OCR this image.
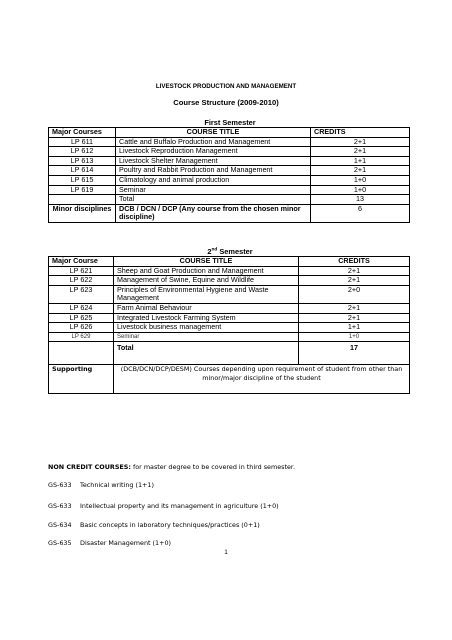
LIVESTOCK PRODUCTION AND MANAGEMENT
Course Structure (2009-2010)
First Semester
Major Courses	COURSE TITLE	CREDITS
LP 611	Cattle and Buffalo Production and Management	2+1
LP 612	Livestock Reproduction Management	2+1
LP 613	Livestock Shelter Management	1+1
LP 614	Poultry and Rabbit Production and Management	2+1
LP 615	Climatology and animal production	1+0
LP 619	Seminar	1+0
	Total	13
Minor disciplines	DCB / DCN / DCP (Any course from the chosen minor discipline)	6
2nd Semester
Major Course	COURSE TITLE	CREDITS
LP 621	Sheep and Goat Production and Management	2+1
LP 622	Management of Swine, Equine and Wildlife	2+1
LP 623	Principles of Environmental Hygiene and Waste Management	2+0
LP 624	Farm Animal Behaviour	2+1
LP 625	Integrated Livestock Farming System	2+1
LP 626	Livestock business management	1+1
LP 629	Seminar	1+0
	Total	17
Supporting	(DCB/DCN/DCP/DESM) Courses depending upon requirement of student from other than minor/major discipline of the student	
NON CREDIT COURSES: for master degree to be covered in third semester.
GS-633 Technical writing (1+1)
GS-633 Intellectual property and its management in agriculture (1+0)
GS-634 Basic concepts in laboratory techniques/practices (0+1)
GS-635 Disaster Management (1+0)
1
